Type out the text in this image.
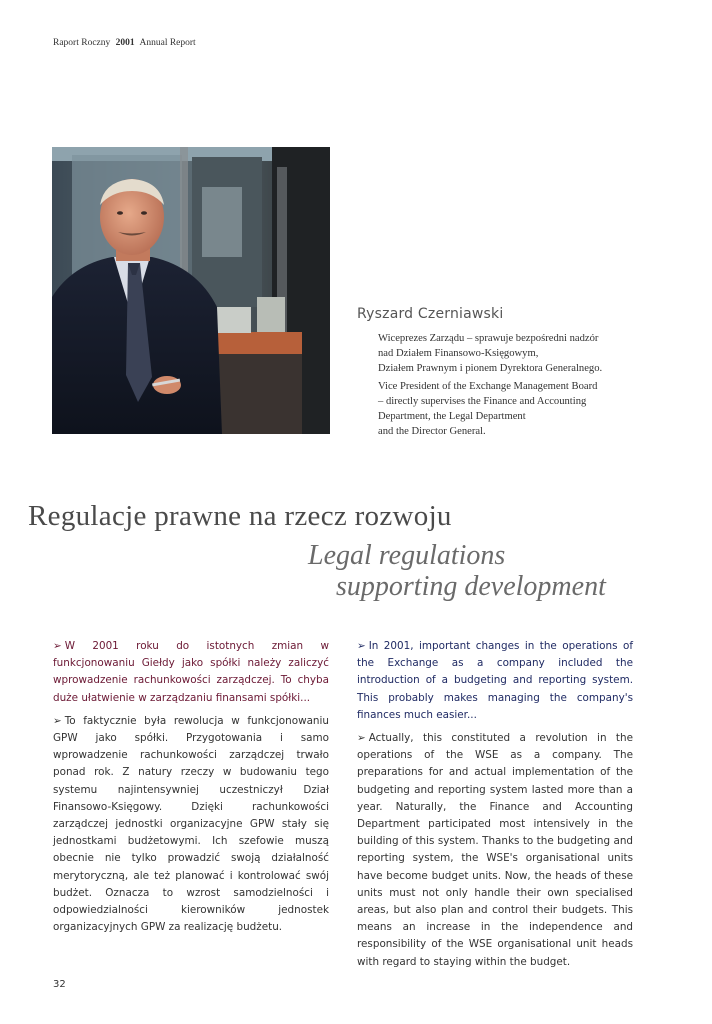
Raport Roczny 2001 Annual Report
Ryszard Czerniawski
Wiceprezes Zarządu – sprawuje bezpośredni nadzór
nad Działem Finansowo-Księgowym,
Działem Prawnym i pionem Dyrektora Generalnego.
Vice President of the Exchange Management Board
– directly supervises the Finance and Accounting
Department, the Legal Department
and the Director General.
Regulacje prawne na rzecz rozwoju
Legal regulations
supporting development

➢ W 2001 roku do istotnych zmian w funkcjonowaniu Giełdy jako spółki należy zaliczyć wprowadzenie rachunkowości zarządczej. To chyba duże ułatwienie w zarządzaniu finansami spółki...

➢ To faktycznie była rewolucja w funkcjonowaniu GPW jako spółki. Przygotowania i samo wprowadzenie rachunkowości zarządczej trwało ponad rok. Z natury rzeczy w budowaniu tego systemu najintensywniej uczestniczył Dział Finansowo-Księgowy. Dzięki rachunkowości zarządczej jednostki organizacyjne GPW stały się jednostkami budżetowymi. Ich szefowie muszą obecnie nie tylko prowadzić swoją działalność merytoryczną, ale też planować i kontrolować swój budżet. Oznacza to wzrost samodzielności i odpowiedzialności kierowników jednostek organizacyjnych GPW za realizację budżetu.

➢ In 2001, important changes in the operations of the Exchange as a company included the introduction of a budgeting and reporting system. This probably makes managing the company's finances much easier...

➢ Actually, this constituted a revolution in the operations of the WSE as a company. The preparations for and actual implementation of the budgeting and reporting system lasted more than a year. Naturally, the Finance and Accounting Department participated most intensively in the building of this system. Thanks to the budgeting and reporting system, the WSE's organisational units have become budget units. Now, the heads of these units must not only handle their own specialised areas, but also plan and control their budgets. This means an increase in the independence and responsibility of the WSE organisational unit heads with regard to staying within the budget.

32
